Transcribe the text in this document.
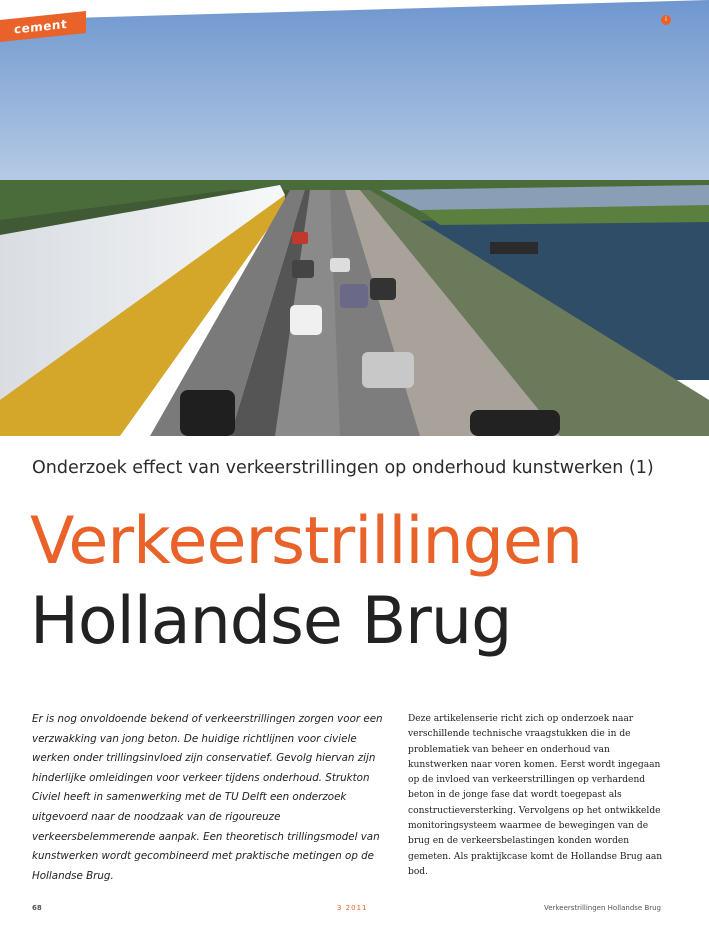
cement	i
Onderzoek effect van verkeerstrillingen op onderhoud kunstwerken (1)
Verkeerstrillingen
Hollandse Brug

Er is nog onvoldoende bekend of verkeerstrillingen zorgen voor een verzwakking van jong beton. De huidige richtlijnen voor civiele werken onder trillingsinvloed zijn conservatief. Gevolg hiervan zijn hinderlijke omleidingen voor verkeer tijdens onderhoud. Strukton Civiel heeft in samenwerking met de TU Delft een onderzoek uitgevoerd naar de noodzaak van de rigoureuze verkeersbelemmerende aanpak. Een theoretisch trillingsmodel van kunstwerken wordt gecombineerd met praktische metingen op de Hollandse Brug.

Deze artikelenserie richt zich op onderzoek naar verschillende technische vraagstukken die in de problematiek van beheer en onderhoud van kunstwerken naar voren komen. Eerst wordt ingegaan op de invloed van verkeerstrillingen op verhardend beton in de jonge fase dat wordt toegepast als constructieversterking. Vervolgens op het ontwikkelde monitoringsysteem waarmee de bewegingen van de brug en de verkeersbelastingen konden worden gemeten. Als praktijkcase komt de Hollandse Brug aan bod.

68	3 2011	Verkeerstrillingen Hollandse Brug
